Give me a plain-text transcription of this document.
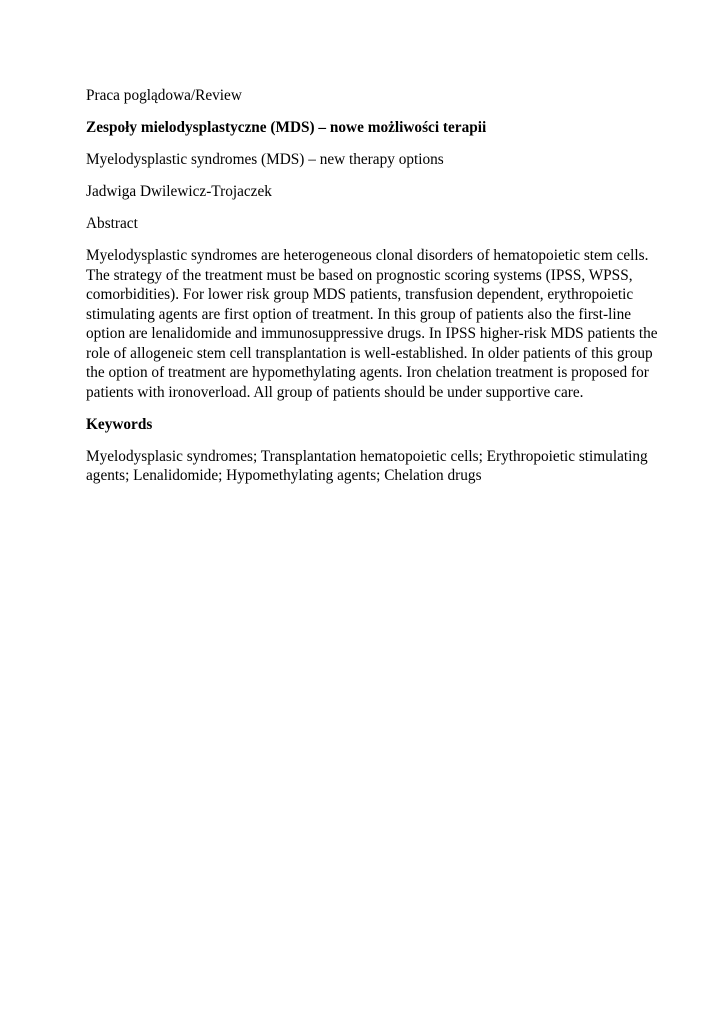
Praca poglądowa/Review

Zespoły mielodysplastyczne (MDS) – nowe możliwości terapii

Myelodysplastic syndromes (MDS) – new therapy options

Jadwiga Dwilewicz-Trojaczek

Abstract

Myelodysplastic syndromes are heterogeneous clonal disorders of hematopoietic stem cells.
The strategy of the treatment must be based on prognostic scoring systems (IPSS, WPSS,
comorbidities). For lower risk group MDS patients, transfusion dependent, erythropoietic
stimulating agents are first option of treatment. In this group of patients also the first-line
option are lenalidomide and immunosuppressive drugs. In IPSS higher-risk MDS patients the
role of allogeneic stem cell transplantation is well-established. In older patients of this group
the option of treatment are hypomethylating agents. Iron chelation treatment is proposed for
patients with ironoverload. All group of patients should be under supportive care.

Keywords

Myelodysplasic syndromes; Transplantation hematopoietic cells; Erythropoietic stimulating
agents; Lenalidomide; Hypomethylating agents; Chelation drugs
